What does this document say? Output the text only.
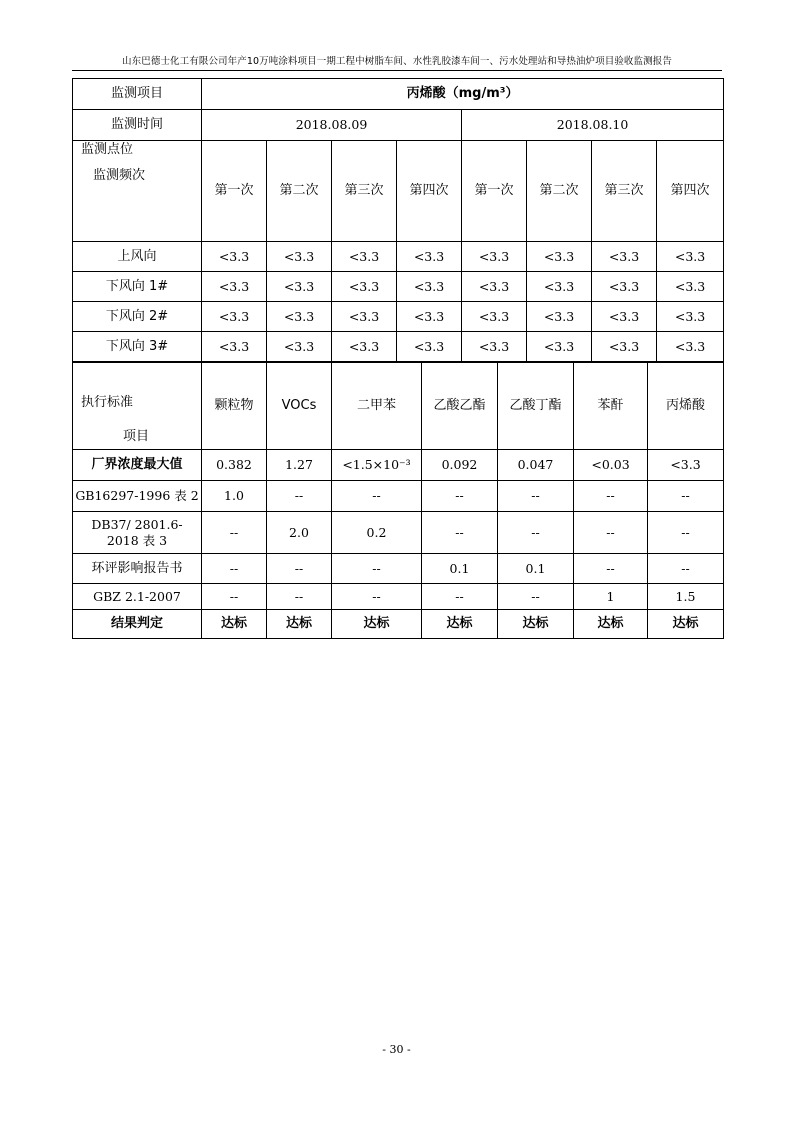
山东巴德士化工有限公司年产10万吨涂料项目一期工程中树脂车间、水性乳胶漆车间一、污水处理站和导热油炉项目验收监测报告
监测项目	丙烯酸（mg/m³）							
监测时间	2018.08.09				2018.08.10			

监测点位
监测频次	第一次	第二次	第三次	第四次	第一次	第二次	第三次	第四次
上风向	<3.3	<3.3	<3.3	<3.3	<3.3	<3.3	<3.3	<3.3
下风向 1#	<3.3	<3.3	<3.3	<3.3	<3.3	<3.3	<3.3	<3.3
下风向 2#	<3.3	<3.3	<3.3	<3.3	<3.3	<3.3	<3.3	<3.3
下风向 3#	<3.3	<3.3	<3.3	<3.3	<3.3	<3.3	<3.3	<3.3
执行标准
项目	颗粒物	VOCs	二甲苯	乙酸乙酯	乙酸丁酯	苯酐	丙烯酸
厂界浓度最大值	0.382	1.27	<1.5×10⁻³	0.092	0.047	<0.03	<3.3
GB16297-1996 表 2	1.0	--	--	--	--	--	--
DB37/ 2801.6-2018 表 3	--	2.0	0.2	--	--	--	--
环评影响报告书	--	--	--	0.1	0.1	--	--
GBZ 2.1-2007	--	--	--	--	--	1	1.5
结果判定	达标	达标	达标	达标	达标	达标	达标
- 30 -
